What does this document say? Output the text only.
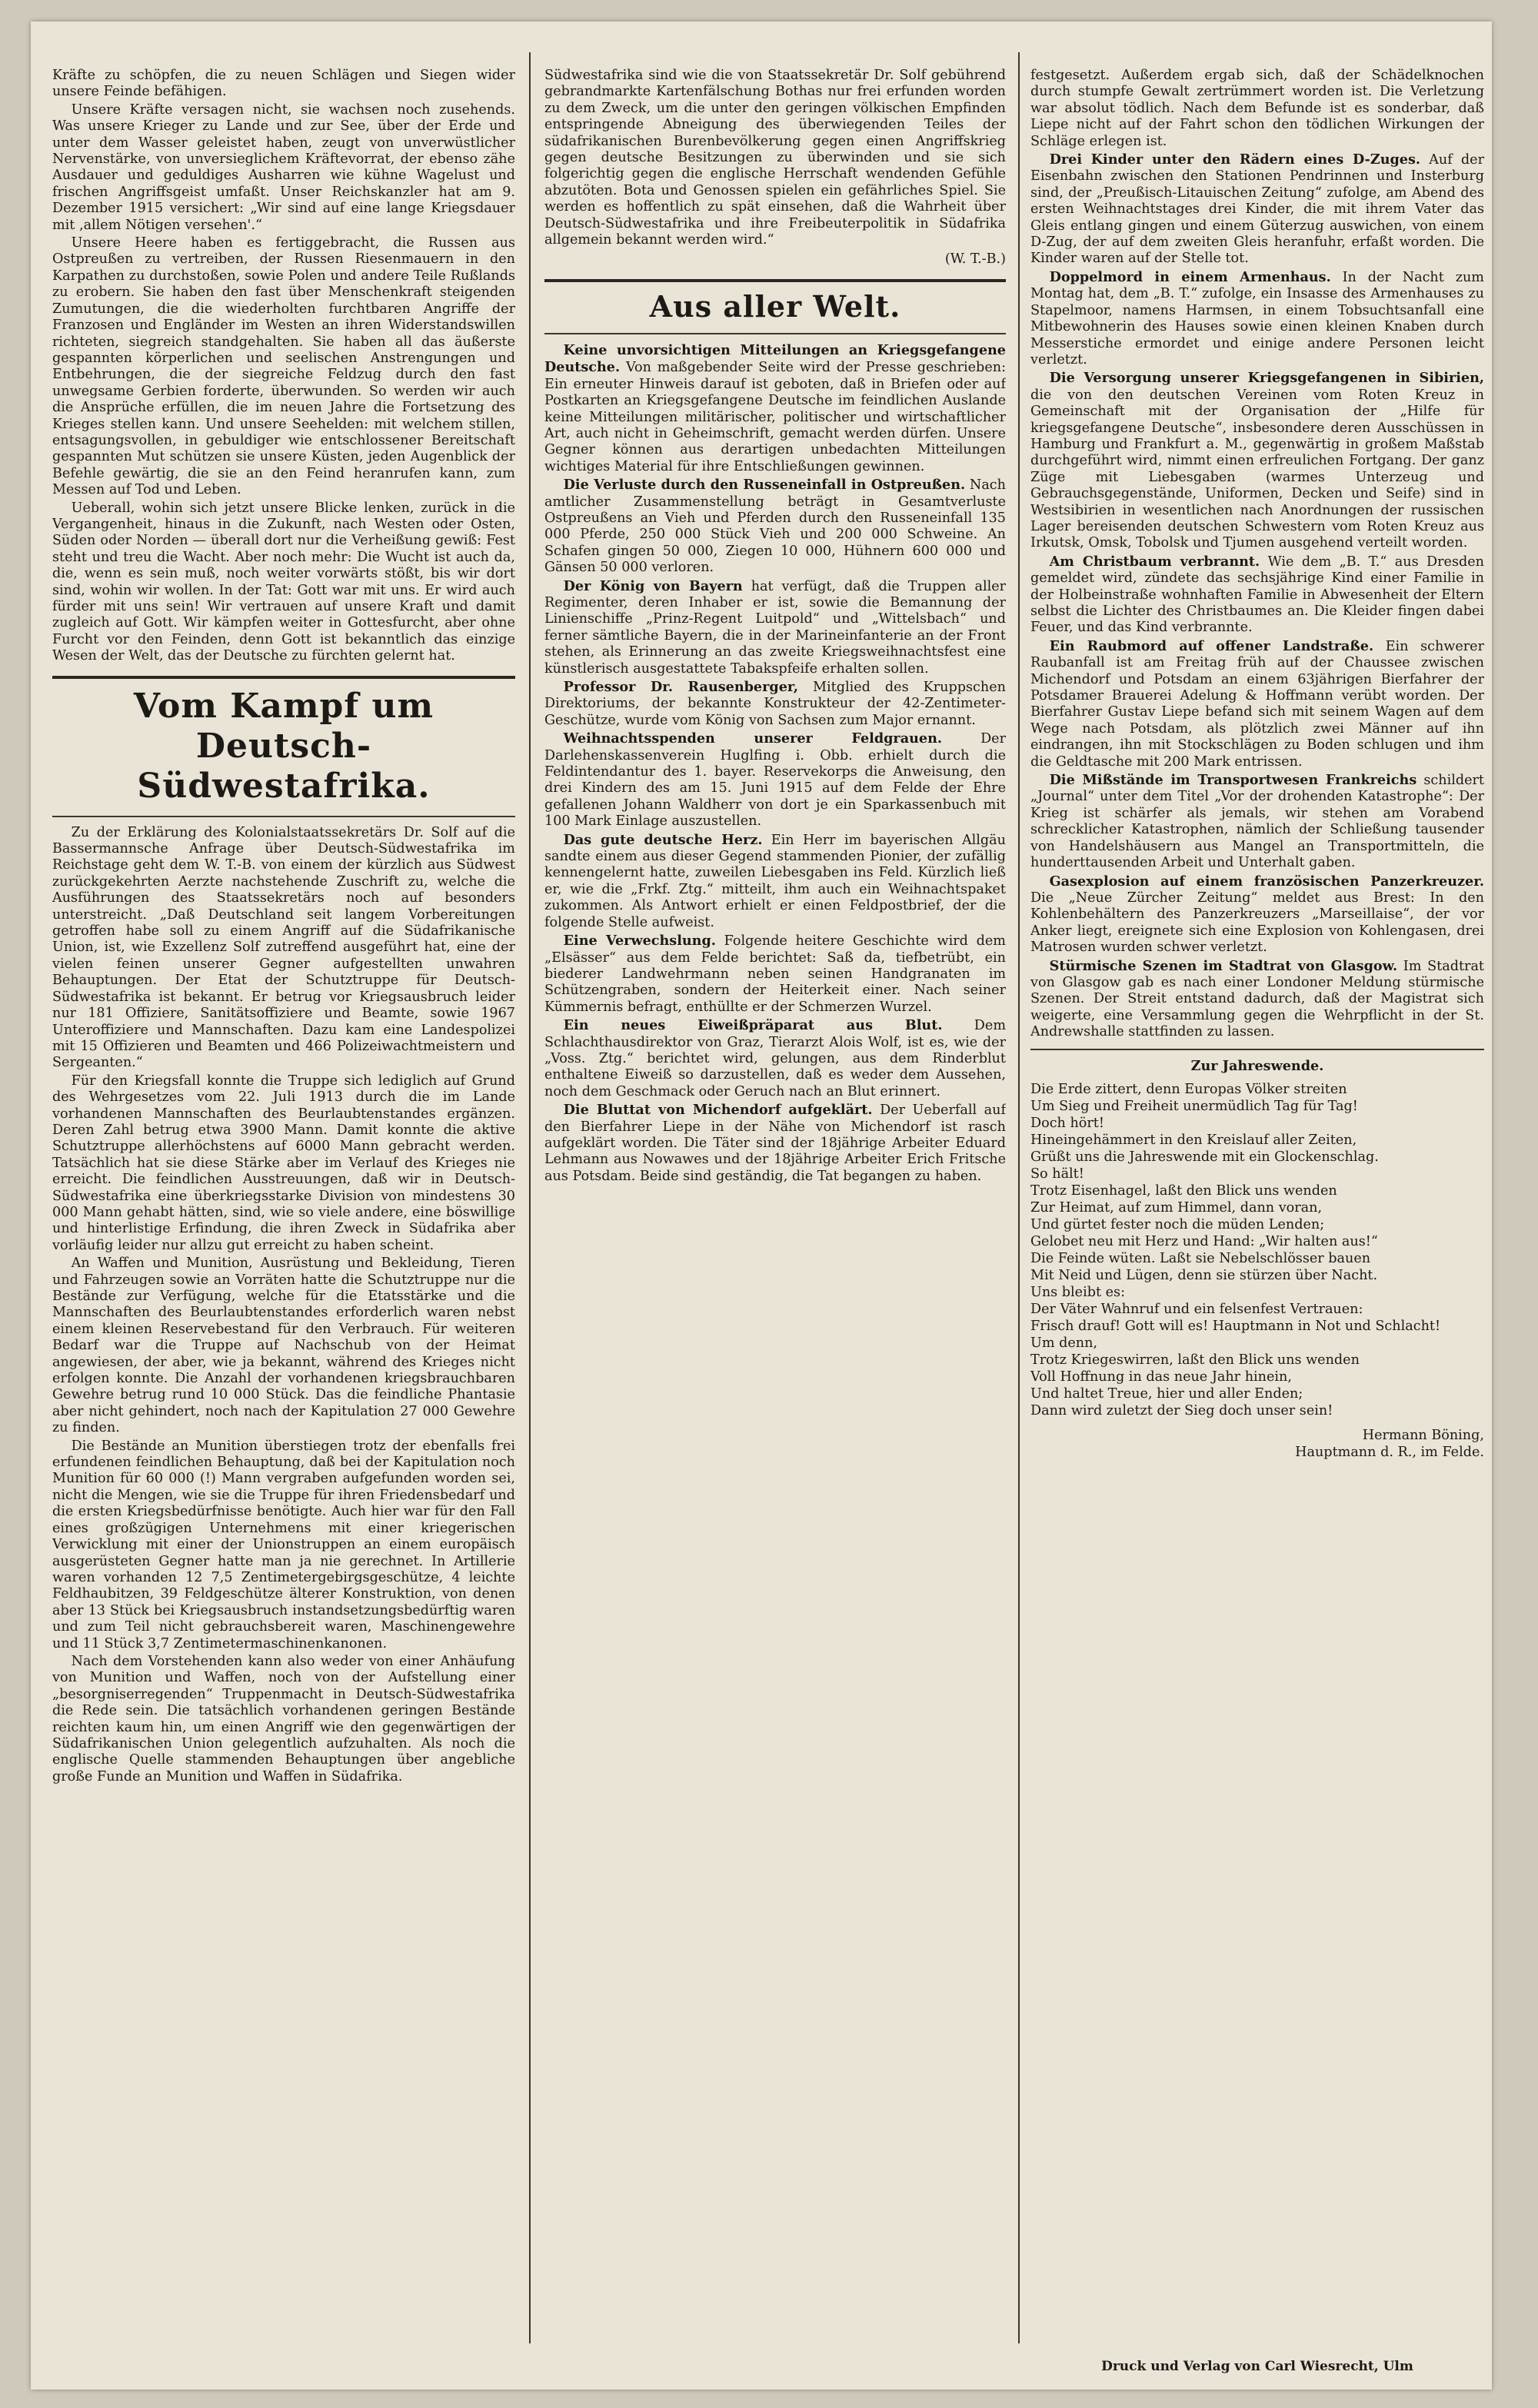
Kräfte zu schöpfen, die zu neuen Schlägen und Siegen wider unsere Feinde befähigen.

Unsere Kräfte versagen nicht, sie wachsen noch zusehends. Was unsere Krieger zu Lande und zur See, über der Erde und unter dem Wasser geleistet haben, zeugt von unverwüstlicher Nervenstärke, von unversieglichem Kräftevorrat, der ebenso zähe Ausdauer und geduldiges Ausharren wie kühne Wagelust und frischen Angriffsgeist umfaßt. Unser Reichskanzler hat am 9. Dezember 1915 versichert: „Wir sind auf eine lange Kriegsdauer mit ‚allem Nötigen versehen'.“

Unsere Heere haben es fertiggebracht, die Russen aus Ostpreußen zu vertreiben, der Russen Riesenmauern in den Karpathen zu durchstoßen, sowie Polen und andere Teile Rußlands zu erobern. Sie haben den fast über Menschenkraft steigenden Zumutungen, die die wiederholten furchtbaren Angriffe der Franzosen und Engländer im Westen an ihren Widerstandswillen richteten, siegreich standgehalten. Sie haben all das äußerste gespannten körperlichen und seelischen Anstrengungen und Entbehrungen, die der siegreiche Feldzug durch den fast unwegsame Gerbien forderte, überwunden. So werden wir auch die Ansprüche erfüllen, die im neuen Jahre die Fortsetzung des Krieges stellen kann. Und unsere Seehelden: mit welchem stillen, entsagungsvollen, in gebuldiger wie entschlossener Bereitschaft gespannten Mut schützen sie unsere Küsten, jeden Augenblick der Befehle gewärtig, die sie an den Feind heranrufen kann, zum Messen auf Tod und Leben.

Ueberall, wohin sich jetzt unsere Blicke lenken, zurück in die Vergangenheit, hinaus in die Zukunft, nach Westen oder Osten, Süden oder Norden — überall dort nur die Verheißung gewiß: Fest steht und treu die Wacht. Aber noch mehr: Die Wucht ist auch da, die, wenn es sein muß, noch weiter vorwärts stößt, bis wir dort sind, wohin wir wollen. In der Tat: Gott war mit uns. Er wird auch fürder mit uns sein! Wir vertrauen auf unsere Kraft und damit zugleich auf Gott. Wir kämpfen weiter in Gottesfurcht, aber ohne Furcht vor den Feinden, denn Gott ist bekanntlich das einzige Wesen der Welt, das der Deutsche zu fürchten gelernt hat.

Vom Kampf um Deutsch-Südwestafrika.

Zu der Erklärung des Kolonialstaatssekretärs Dr. Solf auf die Bassermannsche Anfrage über Deutsch-Südwestafrika im Reichstage geht dem W. T.-B. von einem der kürzlich aus Südwest zurückgekehrten Aerzte nachstehende Zuschrift zu, welche die Ausführungen des Staatssekretärs noch auf besonders unterstreicht. „Daß Deutschland seit langem Vorbereitungen getroffen habe soll zu einem Angriff auf die Südafrikanische Union, ist, wie Exzellenz Solf zutreffend ausgeführt hat, eine der vielen feinen unserer Gegner aufgestellten unwahren Behauptungen. Der Etat der Schutztruppe für Deutsch-Südwestafrika ist bekannt. Er betrug vor Kriegsausbruch leider nur 181 Offiziere, Sanitätsoffiziere und Beamte, sowie 1967 Unteroffiziere und Mannschaften. Dazu kam eine Landespolizei mit 15 Offizieren und Beamten und 466 Polizeiwachtmeistern und Sergeanten.“

Für den Kriegsfall konnte die Truppe sich lediglich auf Grund des Wehrgesetzes vom 22. Juli 1913 durch die im Lande vorhandenen Mannschaften des Beurlaubtenstandes ergänzen. Deren Zahl betrug etwa 3900 Mann. Damit konnte die aktive Schutztruppe allerhöchstens auf 6000 Mann gebracht werden. Tatsächlich hat sie diese Stärke aber im Verlauf des Krieges nie erreicht. Die feindlichen Ausstreuungen, daß wir in Deutsch-Südwestafrika eine überkriegsstarke Division von mindestens 30 000 Mann gehabt hätten, sind, wie so viele andere, eine böswillige und hinterlistige Erfindung, die ihren Zweck in Südafrika aber vorläufig leider nur allzu gut erreicht zu haben scheint.

An Waffen und Munition, Ausrüstung und Bekleidung, Tieren und Fahrzeugen sowie an Vorräten hatte die Schutztruppe nur die Bestände zur Verfügung, welche für die Etatsstärke und die Mannschaften des Beurlaubtenstandes erforderlich waren nebst einem kleinen Reservebestand für den Verbrauch. Für weiteren Bedarf war die Truppe auf Nachschub von der Heimat angewiesen, der aber, wie ja bekannt, während des Krieges nicht erfolgen konnte. Die Anzahl der vorhandenen kriegsbrauchbaren Gewehre betrug rund 10 000 Stück. Das die feindliche Phantasie aber nicht gehindert, noch nach der Kapitulation 27 000 Gewehre zu finden.

Die Bestände an Munition überstiegen trotz der ebenfalls frei erfundenen feindlichen Behauptung, daß bei der Kapitulation noch Munition für 60 000 (!) Mann vergraben aufgefunden worden sei, nicht die Mengen, wie sie die Truppe für ihren Friedensbedarf und die ersten Kriegsbedürfnisse benötigte. Auch hier war für den Fall eines großzügigen Unternehmens mit einer kriegerischen Verwicklung mit einer der Unionstruppen an einem europäisch ausgerüsteten Gegner hatte man ja nie gerechnet. In Artillerie waren vorhanden 12 7,5 Zentimetergebirgsgeschütze, 4 leichte Feldhaubitzen, 39 Feldgeschütze älterer Konstruktion, von denen aber 13 Stück bei Kriegsausbruch instandsetzungsbedürftig waren und zum Teil nicht gebrauchsbereit waren, Maschinengewehre und 11 Stück 3,7 Zentimetermaschinenkanonen.

Nach dem Vorstehenden kann also weder von einer Anhäufung von Munition und Waffen, noch von der Aufstellung einer „besorgniserregenden“ Truppenmacht in Deutsch-Südwestafrika die Rede sein. Die tatsächlich vorhandenen geringen Bestände reichten kaum hin, um einen Angriff wie den gegenwärtigen der Südafrikanischen Union gelegentlich aufzuhalten. Als noch die englische Quelle stammenden Behauptungen über angebliche große Funde an Munition und Waffen in Südafrika.

Südwestafrika sind wie die von Staatssekretär Dr. Solf gebührend gebrandmarkte Kartenfälschung Bothas nur frei erfunden worden zu dem Zweck, um die unter den geringen völkischen Empfinden entspringende Abneigung des überwiegenden Teiles der südafrikanischen Burenbevölkerung gegen einen Angriffskrieg gegen deutsche Besitzungen zu überwinden und sie sich folgerichtig gegen die englische Herrschaft wendenden Gefühle abzutöten. Bota und Genossen spielen ein gefährliches Spiel. Sie werden es hoffentlich zu spät einsehen, daß die Wahrheit über Deutsch-Südwestafrika und ihre Freibeuterpolitik in Südafrika allgemein bekannt werden wird.“

(W. T.-B.)
Aus aller Welt.

Keine unvorsichtigen Mitteilungen an Kriegsgefangene Deutsche. Von maßgebender Seite wird der Presse geschrieben: Ein erneuter Hinweis darauf ist geboten, daß in Briefen oder auf Postkarten an Kriegsgefangene Deutsche im feindlichen Auslande keine Mitteilungen militärischer, politischer und wirtschaftlicher Art, auch nicht in Geheimschrift, gemacht werden dürfen. Unsere Gegner können aus derartigen unbedachten Mitteilungen wichtiges Material für ihre Entschließungen gewinnen.

Die Verluste durch den Russeneinfall in Ostpreußen. Nach amtlicher Zusammenstellung beträgt in Gesamtverluste Ostpreußens an Vieh und Pferden durch den Russeneinfall 135 000 Pferde, 250 000 Stück Vieh und 200 000 Schweine. An Schafen gingen 50 000, Ziegen 10 000, Hühnern 600 000 und Gänsen 50 000 verloren.

Der König von Bayern hat verfügt, daß die Truppen aller Regimenter, deren Inhaber er ist, sowie die Bemannung der Linienschiffe „Prinz-Regent Luitpold“ und „Wittelsbach“ und ferner sämtliche Bayern, die in der Marineinfanterie an der Front stehen, als Erinnerung an das zweite Kriegsweihnachtsfest eine künstlerisch ausgestattete Tabakspfeife erhalten sollen.

Professor Dr. Rausenberger, Mitglied des Kruppschen Direktoriums, der bekannte Konstrukteur der 42-Zentimeter-Geschütze, wurde vom König von Sachsen zum Major ernannt.

Weihnachtsspenden unserer Feldgrauen.	Der Darlehenskassenverein Huglfing i. Obb. erhielt durch die Feldintendantur des 1. bayer. Reservekorps die Anweisung, den drei Kindern des am 15. Juni 1915 auf dem Felde der Ehre gefallenen Johann Waldherr von dort je ein Sparkassenbuch mit 100 Mark Einlage auszustellen.

Das gute deutsche Herz. Ein Herr im bayerischen Allgäu sandte einem aus dieser Gegend stammenden Pionier, der zufällig kennengelernt hatte, zuweilen Liebesgaben ins Feld. Kürzlich ließ er, wie die „Frkf. Ztg.“ mitteilt, ihm auch ein Weihnachtspaket zukommen. Als Antwort erhielt er einen Feldpostbrief, der die folgende Stelle aufweist.

Eine Verwechslung. Folgende heitere Geschichte wird dem „Elsässer“ aus dem Felde berichtet: Saß da, tiefbetrübt, ein biederer Landwehrmann neben seinen Handgranaten im Schützengraben, sondern der Heiterkeit einer. Nach seiner Kümmernis befragt, enthüllte er der Schmerzen Wurzel.

Ein neues Eiweißpräparat aus Blut. Dem Schlachthausdirektor von Graz, Tierarzt Alois Wolf, ist es, wie der „Voss. Ztg.“ berichtet wird, gelungen, aus dem Rinderblut enthaltene Eiweiß so darzustellen, daß es weder dem Aussehen, noch dem Geschmack oder Geruch nach an Blut erinnert.

Die Bluttat von Michendorf aufgeklärt. Der Ueberfall auf den Bierfahrer Liepe in der Nähe von Michendorf ist rasch aufgeklärt worden. Die Täter sind der 18jährige Arbeiter Eduard Lehmann aus Nowawes und der 18jährige Arbeiter Erich Fritsche aus Potsdam. Beide sind geständig, die Tat begangen zu haben.

festgesetzt. Außerdem ergab sich, daß der Schädelknochen durch stumpfe Gewalt zertrümmert worden ist. Die Verletzung war absolut tödlich. Nach dem Befunde ist es sonderbar, daß Liepe nicht auf der Fahrt schon den tödlichen Wirkungen der Schläge erlegen ist.

Drei Kinder unter den Rädern eines D-Zuges. Auf der Eisenbahn zwischen den Stationen Pendrinnen und Insterburg sind, der „Preußisch-Litauischen Zeitung“ zufolge, am Abend des ersten Weihnachtstages drei Kinder, die mit ihrem Vater das Gleis entlang gingen und einem Güterzug auswichen, von einem D-Zug, der auf dem zweiten Gleis heranfuhr, erfaßt worden. Die Kinder waren auf der Stelle tot.

Doppelmord in einem Armenhaus. In der Nacht zum Montag hat, dem „B. T.“ zufolge, ein Insasse des Armenhauses zu Stapelmoor, namens Harmsen, in einem Tobsuchtsanfall eine Mitbewohnerin des Hauses sowie einen kleinen Knaben durch Messerstiche ermordet und einige andere Personen leicht verletzt.

Die Versorgung unserer Kriegsgefangenen in Sibirien, die von den deutschen Vereinen vom Roten Kreuz in Gemeinschaft mit der Organisation der „Hilfe für kriegsgefangene Deutsche“, insbesondere deren Ausschüssen in Hamburg und Frankfurt a. M., gegenwärtig in großem Maßstab durchgeführt wird, nimmt einen erfreulichen Fortgang. Der ganz Züge mit Liebesgaben (warmes Unterzeug und Gebrauchsgegenstände, Uniformen, Decken und Seife) sind in Westsibirien in wesentlichen nach Anordnungen der russischen Lager bereisenden deutschen Schwestern vom Roten Kreuz aus Irkutsk, Omsk, Tobolsk und Tjumen ausgehend verteilt worden.

Am Christbaum verbrannt. Wie dem „B. T.“ aus Dresden gemeldet wird, zündete das sechsjährige Kind einer Familie in der Holbeinstraße wohnhaften Familie in Abwesenheit der Eltern selbst die Lichter des Christbaumes an. Die Kleider fingen dabei Feuer, und das Kind verbrannte.

Ein Raubmord auf offener Landstraße. Ein schwerer Raubanfall ist am Freitag früh auf der Chaussee zwischen Michendorf und Potsdam an einem 63jährigen Bierfahrer der Potsdamer Brauerei Adelung & Hoffmann verübt worden. Der Bierfahrer Gustav Liepe befand sich mit seinem Wagen auf dem Wege nach Potsdam, als plötzlich zwei Männer auf ihn eindrangen, ihn mit Stockschlägen zu Boden schlugen und ihm die Geldtasche mit 200 Mark entrissen.

Die Mißstände im Transportwesen Frankreichs schildert „Journal“ unter dem Titel „Vor der drohenden Katastrophe“: Der Krieg ist schärfer als jemals, wir stehen am Vorabend schrecklicher Katastrophen, nämlich der Schließung tausender von Handelshäusern aus Mangel an Transportmitteln, die hunderttausenden Arbeit und Unterhalt gaben.

Gasexplosion auf einem französischen Panzerkreuzer. Die „Neue Zürcher Zeitung“ meldet aus Brest: In den Kohlenbehältern des Panzerkreuzers „Marseillaise“, der vor Anker liegt, ereignete sich eine Explosion von Kohlengasen, drei Matrosen wurden schwer verletzt.

Stürmische Szenen im Stadtrat von Glasgow. Im Stadtrat von Glasgow gab es nach einer Londoner Meldung stürmische Szenen. Der Streit entstand dadurch, daß der Magistrat sich weigerte, eine Versammlung gegen die Wehrpflicht in der St. Andrewshalle stattfinden zu lassen.

Zur Jahreswende.
Die Erde zittert, denn Europas Völker streiten
Um Sieg und Freiheit unermüdlich Tag für Tag!
Doch hört!
Hineingehämmert in den Kreislauf aller Zeiten,
Grüßt uns die Jahreswende mit ein Glockenschlag.
So hält!
Trotz Eisenhagel, laßt den Blick uns wenden
Zur Heimat, auf zum Himmel, dann voran,
Und gürtet fester noch die müden Lenden;
Gelobet neu mit Herz und Hand: „Wir halten aus!“
Die Feinde wüten. Laßt sie Nebelschlösser bauen
Mit Neid und Lügen, denn sie stürzen über Nacht.
Uns bleibt es:
Der Väter Wahnruf und ein felsenfest Vertrauen:
Frisch drauf! Gott will es! Hauptmann in Not und Schlacht!
Um denn,
Trotz Kriegeswirren, laßt den Blick uns wenden
Voll Hoffnung in das neue Jahr hinein,
Und haltet Treue, hier und aller Enden;
Dann wird zuletzt der Sieg doch unser sein!
Hermann Böning,
Hauptmann d. R., im Felde.
Druck und Verlag von Carl Wiesrecht, Ulm
